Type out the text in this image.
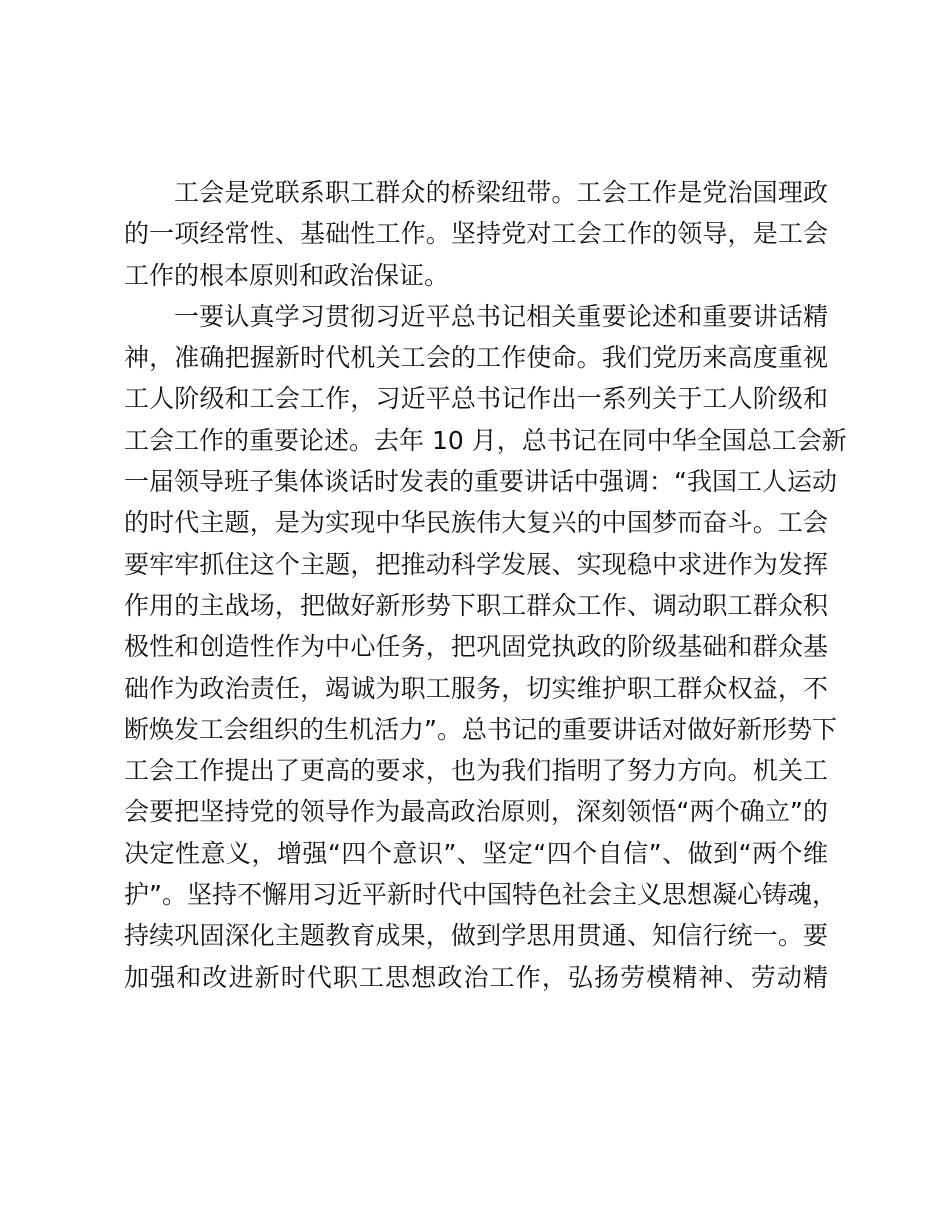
工会是党联系职工群众的桥梁纽带。工会工作是党治国理政
的一项经常性、基础性工作。坚持党对工会工作的领导，是工会
工作的根本原则和政治保证。
一要认真学习贯彻习近平总书记相关重要论述和重要讲话精
神，准确把握新时代机关工会的工作使命。我们党历来高度重视
工人阶级和工会工作，习近平总书记作出一系列关于工人阶级和
工会工作的重要论述。去年 10 月，总书记在同中华全国总工会新
一届领导班子集体谈话时发表的重要讲话中强调：“我国工人运动
的时代主题，是为实现中华民族伟大复兴的中国梦而奋斗。工会
要牢牢抓住这个主题，把推动科学发展、实现稳中求进作为发挥
作用的主战场，把做好新形势下职工群众工作、调动职工群众积
极性和创造性作为中心任务，把巩固党执政的阶级基础和群众基
础作为政治责任，竭诚为职工服务，切实维护职工群众权益，不
断焕发工会组织的生机活力”。总书记的重要讲话对做好新形势下
工会工作提出了更高的要求，也为我们指明了努力方向。机关工
会要把坚持党的领导作为最高政治原则，深刻领悟“两个确立”的
决定性意义，增强“四个意识”、坚定“四个自信”、做到“两个维
护”。坚持不懈用习近平新时代中国特色社会主义思想凝心铸魂，
持续巩固深化主题教育成果，做到学思用贯通、知信行统一。要
加强和改进新时代职工思想政治工作，弘扬劳模精神、劳动精
